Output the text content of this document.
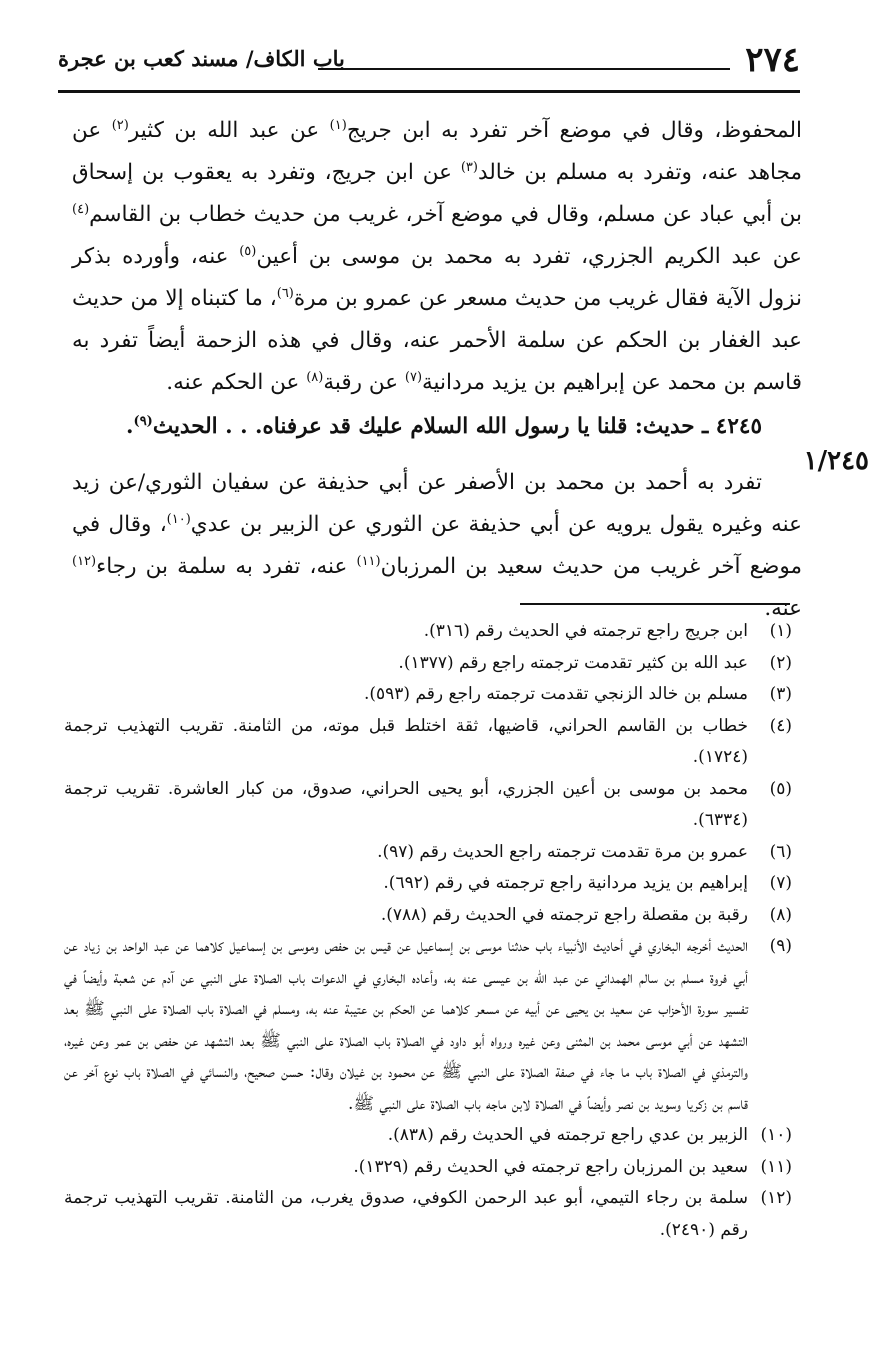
٢٧٤
باب الكاف/ مسند كعب بن عجرة
١/٢٤٥

المحفوظ، وقال في موضع آخر تفرد به ابن جريج$^{(١)}$ عن عبد الله بن كثير$^{(٢)}$ عن مجاهد عنه، وتفرد به مسلم بن خالد$^{(٣)}$ عن ابن جريج، وتفرد به يعقوب بن إسحاق بن أبي عباد عن مسلم، وقال في موضع آخر، غريب من حديث خطاب بن القاسم$^{(٤)}$ عن عبد الكريم الجزري، تفرد به محمد بن موسى بن أعين$^{(٥)}$ عنه، وأورده بذكر نزول الآية فقال غريب من حديث مسعر عن عمرو بن مرة$^{(٦)}$، ما كتبناه إلا من حديث عبد الغفار بن الحكم عن سلمة الأحمر عنه، وقال في هذه الزحمة أيضاً تفرد به قاسم بن محمد عن إبراهيم بن يزيد مردانية$^{(٧)}$ عن رقبة$^{(٨)}$ عن الحكم عنه.

٤٢٤٥ ـ حديث: قلنا يا رسول الله السلام عليك قد عرفناه. . . الحديث$^{(٩)}$.

تفرد به أحمد بن محمد بن الأصفر عن أبي حذيفة عن سفيان الثوري/عن زيد عنه وغيره يقول يرويه عن أبي حذيفة عن الثوري عن الزبير بن عدي$^{(١٠)}$، وقال في موضع آخر غريب من حديث سعيد بن المرزبان$^{(١١)}$ عنه، تفرد به سلمة بن رجاء$^{(١٢)}$ عنه.

(١)
ابن جريج راجع ترجمته في الحديث رقم (٣١٦).

(٢)
عبد الله بن كثير تقدمت ترجمته راجع رقم (١٣٧٧).

(٣)
مسلم بن خالد الزنجي تقدمت ترجمته راجع رقم (٥٩٣).

(٤)
خطاب بن القاسم الحراني، قاضيها، ثقة اختلط قبل موته، من الثامنة. تقريب التهذيب ترجمة (١٧٢٤).

(٥)
محمد بن موسى بن أعين الجزري، أبو يحيى الحراني، صدوق، من كبار العاشرة. تقريب ترجمة (٦٣٣٤).

(٦)
عمرو بن مرة تقدمت ترجمته راجع الحديث رقم (٩٧).

(٧)
إبراهيم بن يزيد مردانية راجع ترجمته في رقم (٦٩٢).

(٨)
رقبة بن مقصلة راجع ترجمته في الحديث رقم (٧٨٨).

(٩)
الحديث أخرجه البخاري في أحاديث الأنبياء باب حدثنا موسى بن إسماعيل عن قيس بن حفص وموسى بن إسماعيل كلاهما عن عبد الواحد بن زياد عن أبي فروة مسلم بن سالم الهمداني عن عبد الله بن عيسى عنه به، وأعاده البخاري في الدعوات باب الصلاة على النبي عن آدم عن شعبة وأيضاً في تفسير سورة الأحزاب عن سعيد بن يحيى عن أبيه عن مسعر كلاهما عن الحكم بن عتيبة عنه به، ومسلم في الصلاة باب الصلاة على النبي ﷺ بعد التشهد عن أبي موسى محمد بن المثنى وعن غيره ورواه أبو داود في الصلاة باب الصلاة على النبي ﷺ بعد التشهد عن حفص بن عمر وعن غيره، والترمذي في الصلاة باب ما جاء في صفة الصلاة على النبي ﷺ عن محمود بن غيلان وقال: حسن صحيح، والنسائي في الصلاة باب نوع آخر عن قاسم بن زكريا وسويد بن نصر وأيضاً في الصلاة لابن ماجه باب الصلاة على النبي ﷺ.

(١٠)
الزبير بن عدي راجع ترجمته في الحديث رقم (٨٣٨).

(١١)
سعيد بن المرزبان راجع ترجمته في الحديث رقم (١٣٢٩).

(١٢)
سلمة بن رجاء التيمي، أبو عبد الرحمن الكوفي، صدوق يغرب، من الثامنة. تقريب التهذيب ترجمة رقم (٢٤٩٠).
